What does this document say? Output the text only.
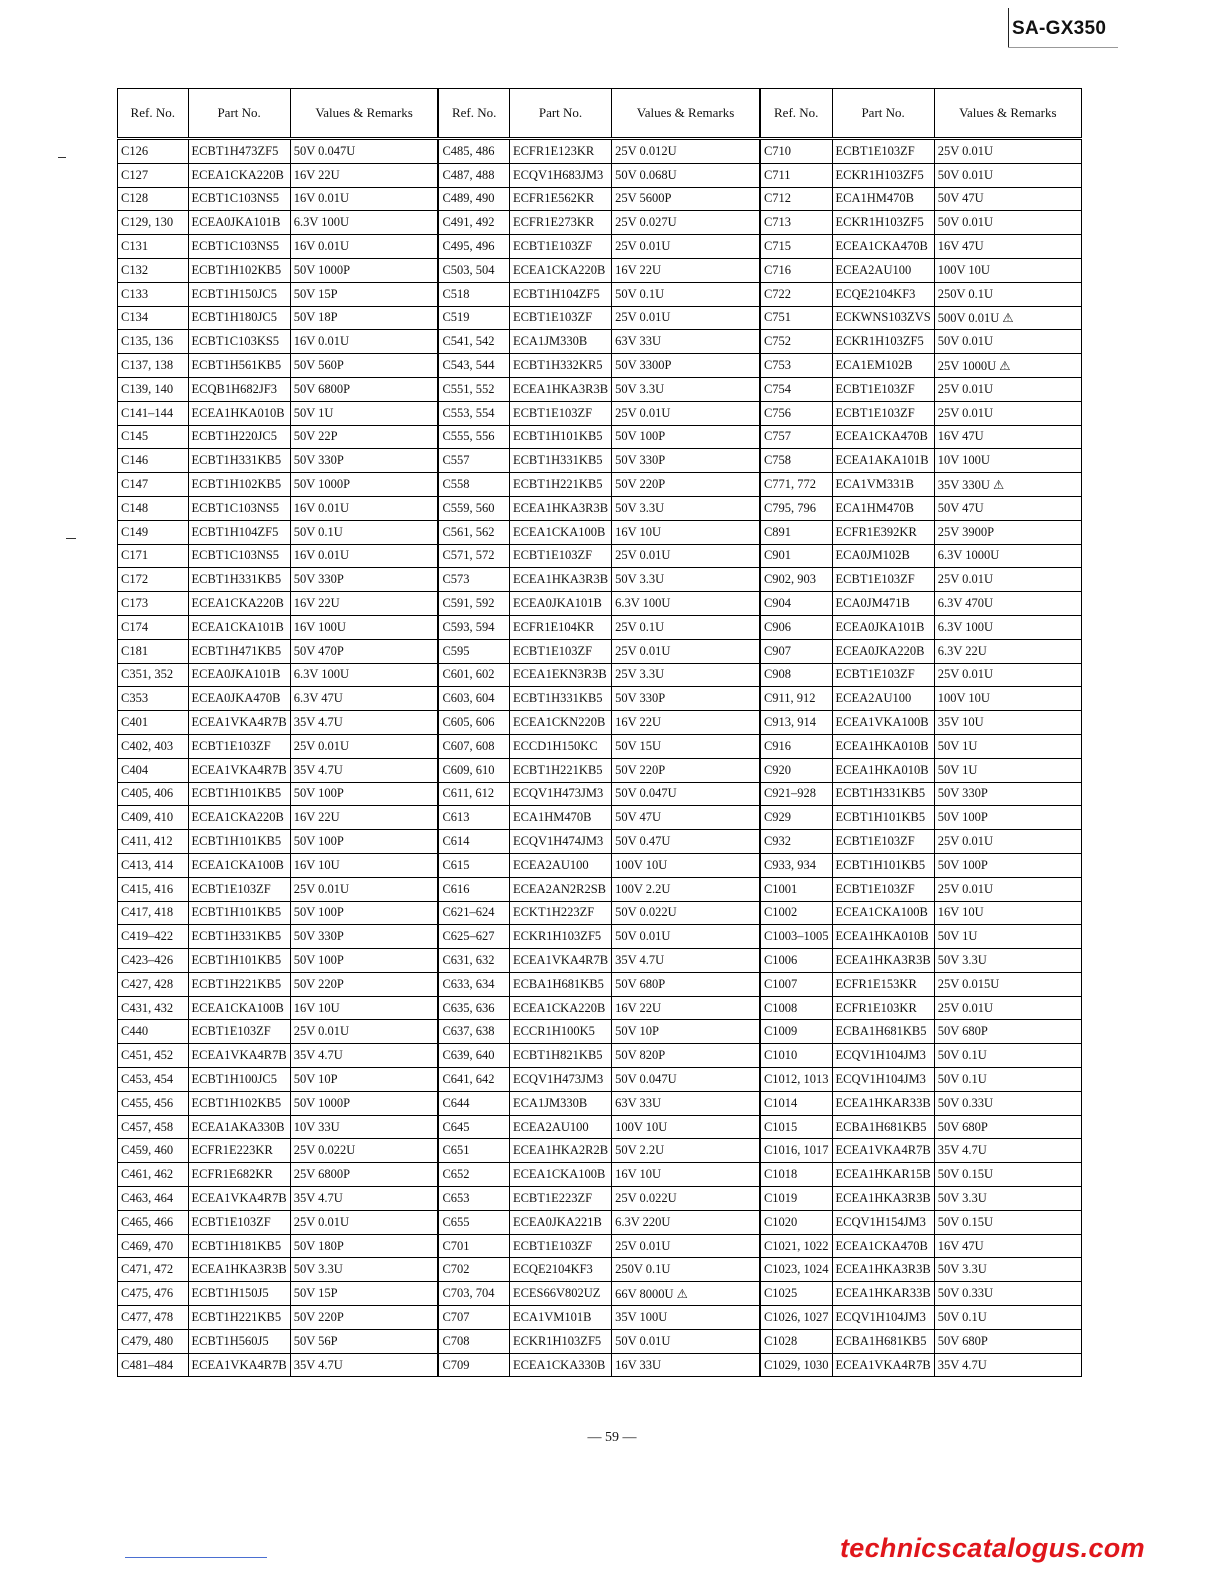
SA-GX350
Ref. No.	Part No.	Values & Remarks
C126	ECBT1H473ZF5	50V 0.047U
C127	ECEA1CKA220B	16V 22U
C128	ECBT1C103NS5	16V 0.01U
C129, 130	ECEA0JKA101B	6.3V 100U
C131	ECBT1C103NS5	16V 0.01U
C132	ECBT1H102KB5	50V 1000P
C133	ECBT1H150JC5	50V 15P
C134	ECBT1H180JC5	50V 18P
C135, 136	ECBT1C103KS5	16V 0.01U
C137, 138	ECBT1H561KB5	50V 560P
C139, 140	ECQB1H682JF3	50V 6800P
C141–144	ECEA1HKA010B	50V 1U
C145	ECBT1H220JC5	50V 22P
C146	ECBT1H331KB5	50V 330P
C147	ECBT1H102KB5	50V 1000P
C148	ECBT1C103NS5	16V 0.01U
C149	ECBT1H104ZF5	50V 0.1U
C171	ECBT1C103NS5	16V 0.01U
C172	ECBT1H331KB5	50V 330P
C173	ECEA1CKA220B	16V 22U
C174	ECEA1CKA101B	16V 100U
C181	ECBT1H471KB5	50V 470P
C351, 352	ECEA0JKA101B	6.3V 100U
C353	ECEA0JKA470B	6.3V 47U
C401	ECEA1VKA4R7B	35V 4.7U
C402, 403	ECBT1E103ZF	25V 0.01U
C404	ECEA1VKA4R7B	35V 4.7U
C405, 406	ECBT1H101KB5	50V 100P
C409, 410	ECEA1CKA220B	16V 22U
C411, 412	ECBT1H101KB5	50V 100P
C413, 414	ECEA1CKA100B	16V 10U
C415, 416	ECBT1E103ZF	25V 0.01U
C417, 418	ECBT1H101KB5	50V 100P
C419–422	ECBT1H331KB5	50V 330P
C423–426	ECBT1H101KB5	50V 100P
C427, 428	ECBT1H221KB5	50V 220P
C431, 432	ECEA1CKA100B	16V 10U
C440	ECBT1E103ZF	25V 0.01U
C451, 452	ECEA1VKA4R7B	35V 4.7U
C453, 454	ECBT1H100JC5	50V 10P
C455, 456	ECBT1H102KB5	50V 1000P
C457, 458	ECEA1AKA330B	10V 33U
C459, 460	ECFR1E223KR	25V 0.022U
C461, 462	ECFR1E682KR	25V 6800P
C463, 464	ECEA1VKA4R7B	35V 4.7U
C465, 466	ECBT1E103ZF	25V 0.01U
C469, 470	ECBT1H181KB5	50V 180P
C471, 472	ECEA1HKA3R3B	50V 3.3U
C475, 476	ECBT1H150J5	50V 15P
C477, 478	ECBT1H221KB5	50V 220P
C479, 480	ECBT1H560J5	50V 56P
C481–484	ECEA1VKA4R7B	35V 4.7U
Ref. No.	Part No.	Values & Remarks
C485, 486	ECFR1E123KR	25V 0.012U
C487, 488	ECQV1H683JM3	50V 0.068U
C489, 490	ECFR1E562KR	25V 5600P
C491, 492	ECFR1E273KR	25V 0.027U
C495, 496	ECBT1E103ZF	25V 0.01U
C503, 504	ECEA1CKA220B	16V 22U
C518	ECBT1H104ZF5	50V 0.1U
C519	ECBT1E103ZF	25V 0.01U
C541, 542	ECA1JM330B	63V 33U
C543, 544	ECBT1H332KR5	50V 3300P
C551, 552	ECEA1HKA3R3B	50V 3.3U
C553, 554	ECBT1E103ZF	25V 0.01U
C555, 556	ECBT1H101KB5	50V 100P
C557	ECBT1H331KB5	50V 330P
C558	ECBT1H221KB5	50V 220P
C559, 560	ECEA1HKA3R3B	50V 3.3U
C561, 562	ECEA1CKA100B	16V 10U
C571, 572	ECBT1E103ZF	25V 0.01U
C573	ECEA1HKA3R3B	50V 3.3U
C591, 592	ECEA0JKA101B	6.3V 100U
C593, 594	ECFR1E104KR	25V 0.1U
C595	ECBT1E103ZF	25V 0.01U
C601, 602	ECEA1EKN3R3B	25V 3.3U
C603, 604	ECBT1H331KB5	50V 330P
C605, 606	ECEA1CKN220B	16V 22U
C607, 608	ECCD1H150KC	50V 15U
C609, 610	ECBT1H221KB5	50V 220P
C611, 612	ECQV1H473JM3	50V 0.047U
C613	ECA1HM470B	50V 47U
C614	ECQV1H474JM3	50V 0.47U
C615	ECEA2AU100	100V 10U
C616	ECEA2AN2R2SB	100V 2.2U
C621–624	ECKT1H223ZF	50V 0.022U
C625–627	ECKR1H103ZF5	50V 0.01U
C631, 632	ECEA1VKA4R7B	35V 4.7U
C633, 634	ECBA1H681KB5	50V 680P
C635, 636	ECEA1CKA220B	16V 22U
C637, 638	ECCR1H100K5	50V 10P
C639, 640	ECBT1H821KB5	50V 820P
C641, 642	ECQV1H473JM3	50V 0.047U
C644	ECA1JM330B	63V 33U
C645	ECEA2AU100	100V 10U
C651	ECEA1HKA2R2B	50V 2.2U
C652	ECEA1CKA100B	16V 10U
C653	ECBT1E223ZF	25V 0.022U
C655	ECEA0JKA221B	6.3V 220U
C701	ECBT1E103ZF	25V 0.01U
C702	ECQE2104KF3	250V 0.1U
C703, 704	ECES66V802UZ	66V 8000U ⚠
C707	ECA1VM101B	35V 100U
C708	ECKR1H103ZF5	50V 0.01U
C709	ECEA1CKA330B	16V 33U
Ref. No.	Part No.	Values & Remarks
C710	ECBT1E103ZF	25V 0.01U
C711	ECKR1H103ZF5	50V 0.01U
C712	ECA1HM470B	50V 47U
C713	ECKR1H103ZF5	50V 0.01U
C715	ECEA1CKA470B	16V 47U
C716	ECEA2AU100	100V 10U
C722	ECQE2104KF3	250V 0.1U
C751	ECKWNS103ZVS	500V 0.01U ⚠
C752	ECKR1H103ZF5	50V 0.01U
C753	ECA1EM102B	25V 1000U ⚠
C754	ECBT1E103ZF	25V 0.01U
C756	ECBT1E103ZF	25V 0.01U
C757	ECEA1CKA470B	16V 47U
C758	ECEA1AKA101B	10V 100U
C771, 772	ECA1VM331B	35V 330U ⚠
C795, 796	ECA1HM470B	50V 47U
C891	ECFR1E392KR	25V 3900P
C901	ECA0JM102B	6.3V 1000U
C902, 903	ECBT1E103ZF	25V 0.01U
C904	ECA0JM471B	6.3V 470U
C906	ECEA0JKA101B	6.3V 100U
C907	ECEA0JKA220B	6.3V 22U
C908	ECBT1E103ZF	25V 0.01U
C911, 912	ECEA2AU100	100V 10U
C913, 914	ECEA1VKA100B	35V 10U
C916	ECEA1HKA010B	50V 1U
C920	ECEA1HKA010B	50V 1U
C921–928	ECBT1H331KB5	50V 330P
C929	ECBT1H101KB5	50V 100P
C932	ECBT1E103ZF	25V 0.01U
C933, 934	ECBT1H101KB5	50V 100P
C1001	ECBT1E103ZF	25V 0.01U
C1002	ECEA1CKA100B	16V 10U
C1003–1005	ECEA1HKA010B	50V 1U
C1006	ECEA1HKA3R3B	50V 3.3U
C1007	ECFR1E153KR	25V 0.015U
C1008	ECFR1E103KR	25V 0.01U
C1009	ECBA1H681KB5	50V 680P
C1010	ECQV1H104JM3	50V 0.1U
C1012, 1013	ECQV1H104JM3	50V 0.1U
C1014	ECEA1HKAR33B	50V 0.33U
C1015	ECBA1H681KB5	50V 680P
C1016, 1017	ECEA1VKA4R7B	35V 4.7U
C1018	ECEA1HKAR15B	50V 0.15U
C1019	ECEA1HKA3R3B	50V 3.3U
C1020	ECQV1H154JM3	50V 0.15U
C1021, 1022	ECEA1CKA470B	16V 47U
C1023, 1024	ECEA1HKA3R3B	50V 3.3U
C1025	ECEA1HKAR33B	50V 0.33U
C1026, 1027	ECQV1H104JM3	50V 0.1U
C1028	ECBA1H681KB5	50V 680P
C1029, 1030	ECEA1VKA4R7B	35V 4.7U
— 59 —
technicscatalogus.com
